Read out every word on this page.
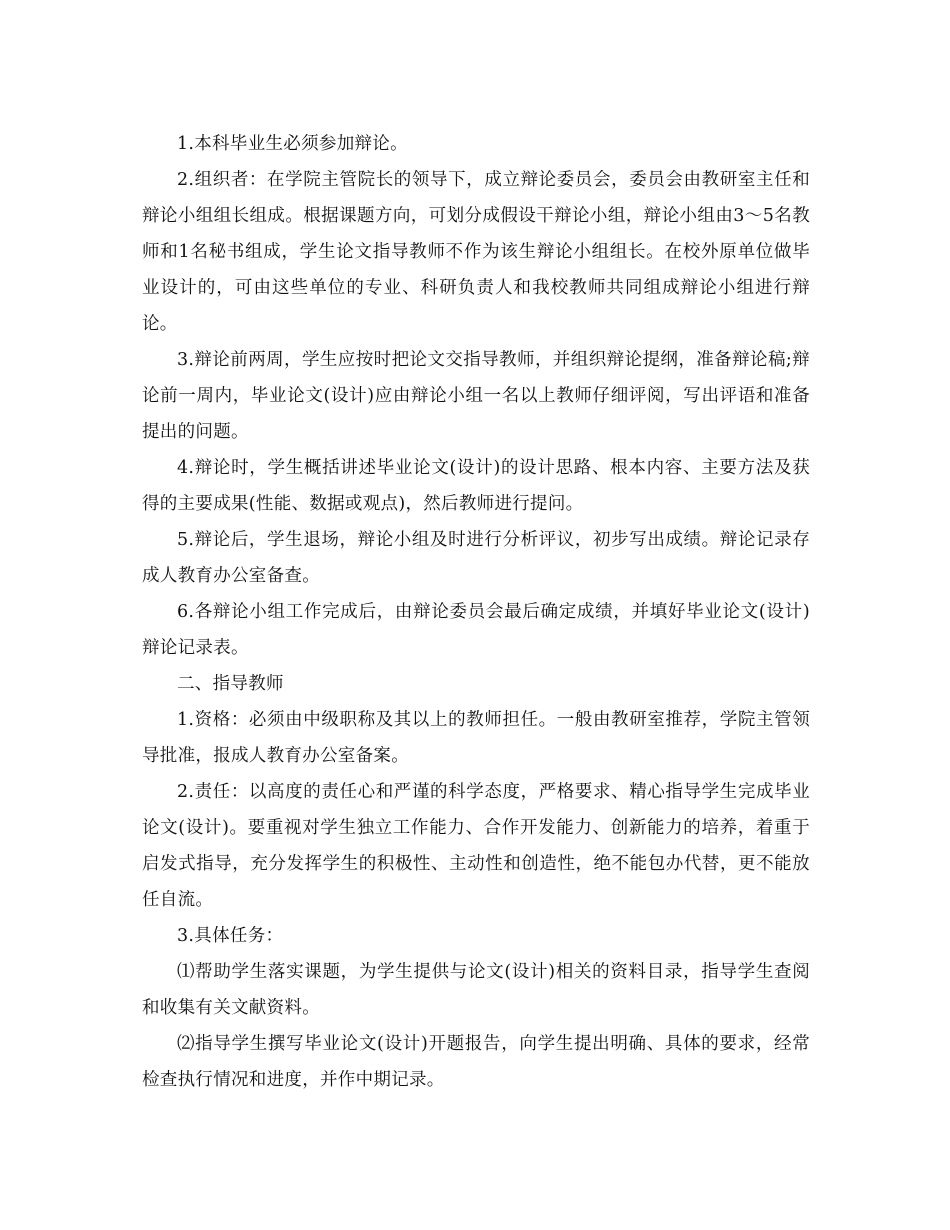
1.本科毕业生必须参加辩论。

2.组织者：在学院主管院长的领导下，成立辩论委员会，委员会由教研室主任和辩论小组组长组成。根据课题方向，可划分成假设干辩论小组，辩论小组由3～5名教师和1名秘书组成，学生论文指导教师不作为该生辩论小组组长。在校外原单位做毕业设计的，可由这些单位的专业、科研负责人和我校教师共同组成辩论小组进行辩论。

3.辩论前两周，学生应按时把论文交指导教师，并组织辩论提纲，准备辩论稿;辩论前一周内，毕业论文(设计)应由辩论小组一名以上教师仔细评阅，写出评语和准备提出的问题。

4.辩论时，学生概括讲述毕业论文(设计)的设计思路、根本内容、主要方法及获得的主要成果(性能、数据或观点)，然后教师进行提问。

5.辩论后，学生退场，辩论小组及时进行分析评议，初步写出成绩。辩论记录存成人教育办公室备查。

6.各辩论小组工作完成后，由辩论委员会最后确定成绩，并填好毕业论文(设计)辩论记录表。

二、指导教师

1.资格：必须由中级职称及其以上的教师担任。一般由教研室推荐，学院主管领导批准，报成人教育办公室备案。

2.责任：以高度的责任心和严谨的科学态度，严格要求、精心指导学生完成毕业论文(设计)。要重视对学生独立工作能力、合作开发能力、创新能力的培养，着重于启发式指导，充分发挥学生的积极性、主动性和创造性，绝不能包办代替，更不能放任自流。

3.具体任务：

⑴帮助学生落实课题，为学生提供与论文(设计)相关的资料目录，指导学生查阅和收集有关文献资料。

⑵指导学生撰写毕业论文(设计)开题报告，向学生提出明确、具体的要求，经常检查执行情况和进度，并作中期记录。
